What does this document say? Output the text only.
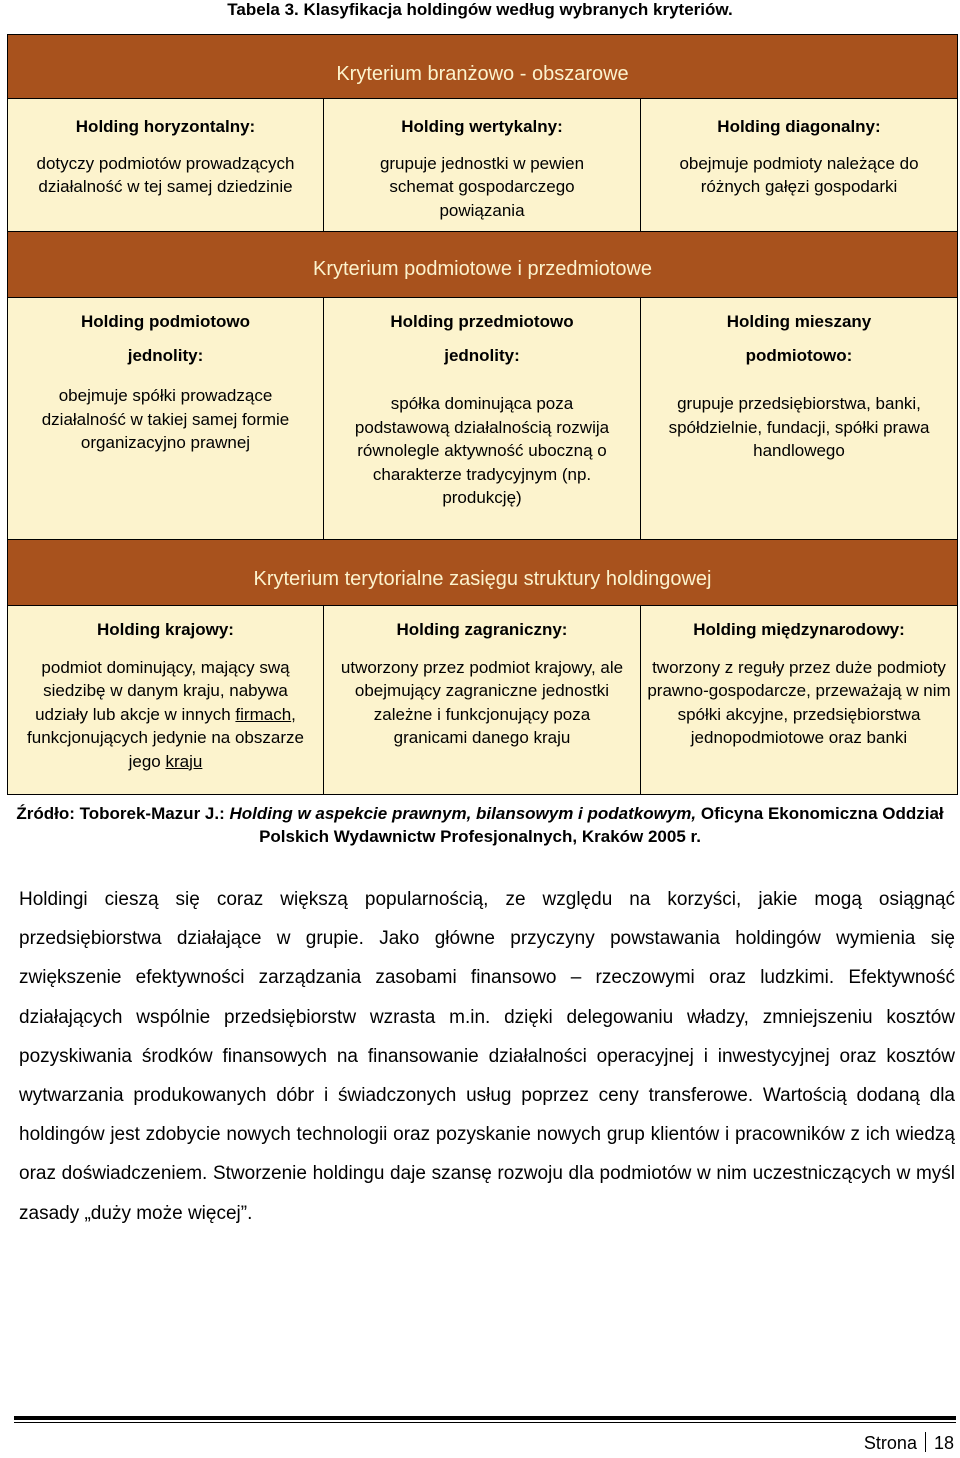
Tabela 3. Klasyfikacja holdingów według wybranych kryteriów.
Kryterium branżowo - obszarowe		

Holding horyzontalny:
dotyczy podmiotów prowadzących działalność w tej samej dziedzinie	Holding wertykalny:
grupuje jednostki w pewien schemat gospodarczego powiązania	Holding diagonalny:
obejmuje podmioty należące do różnych gałęzi gospodarki

Kryterium podmiotowe i przedmiotowe		

Holding podmiotowo
jednolity:
obejmuje spółki prowadzące działalność w takiej samej formie organizacyjno prawnej	Holding przedmiotowo
jednolity:
spółka dominująca poza podstawową działalnością rozwija równolegle aktywność uboczną o charakterze tradycyjnym (np. produkcję)	Holding mieszany
podmiotowo:
grupuje przedsiębiorstwa, banki, spółdzielnie, fundacji, spółki prawa handlowego

Kryterium terytorialne zasięgu struktury holdingowej		

Holding krajowy:
podmiot dominujący, mający swą siedzibę w danym kraju, nabywa udziały lub akcje w innych firmach, funkcjonujących jedynie na obszarze jego kraju	Holding zagraniczny:
utworzony przez podmiot krajowy, ale obejmujący zagraniczne jednostki zależne i funkcjonujący poza granicami danego kraju	Holding międzynarodowy:
tworzony z reguły przez duże podmioty prawno-gospodarcze, przeważają w nim spółki akcyjne, przedsiębiorstwa jednopodmiotowe oraz banki
Źródło: Toborek-Mazur J.: Holding w aspekcie prawnym, bilansowym i podatkowym, Oficyna Ekonomiczna Oddział Polskich Wydawnictw Profesjonalnych, Kraków 2005 r.

Holdingi cieszą się coraz większą popularnością, ze względu na korzyści, jakie mogą osiągnąć przedsiębiorstwa działające w grupie. Jako główne przyczyny powstawania holdingów wymienia się zwiększenie efektywności zarządzania zasobami finansowo – rzeczowymi oraz ludzkimi. Efektywność działających wspólnie przedsiębiorstw wzrasta m.in. dzięki delegowaniu władzy, zmniejszeniu kosztów pozyskiwania środków finansowych na finansowanie działalności operacyjnej i inwestycyjnej oraz kosztów wytwarzania produkowanych dóbr i świadczonych usług poprzez ceny transferowe. Wartością dodaną dla holdingów jest zdobycie nowych technologii oraz pozyskanie nowych grup klientów i pracowników z ich wiedzą oraz doświadczeniem. Stworzenie holdingu daje szansę rozwoju dla podmiotów w nim uczestniczących w myśl zasady „duży może więcej”.

Strona 18
